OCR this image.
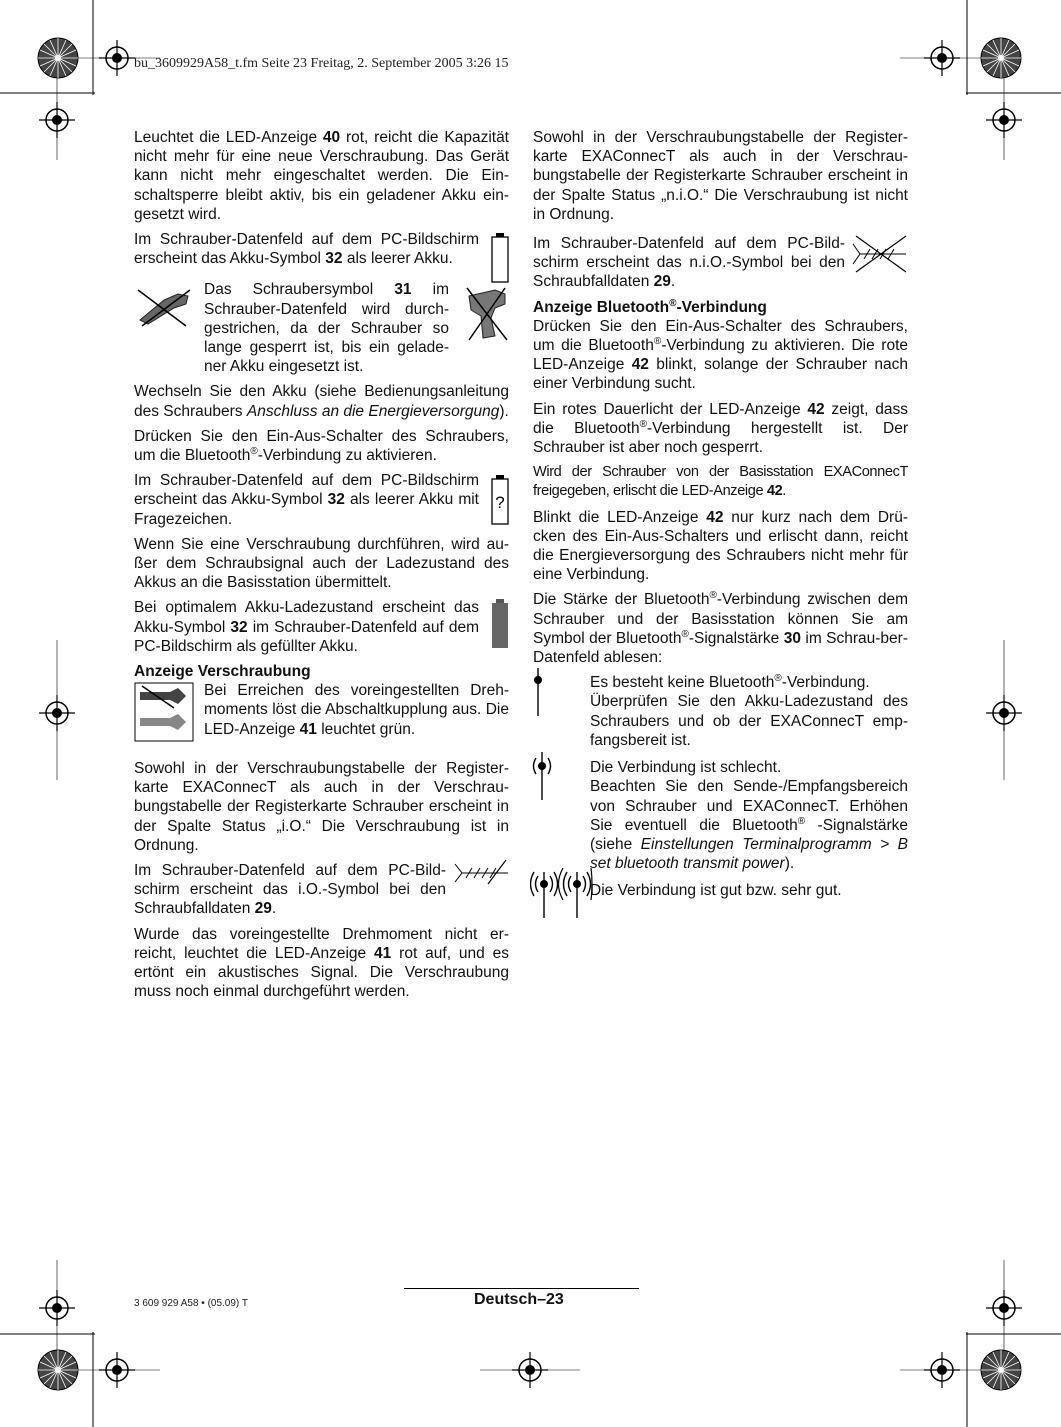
bu_3609929A58_t.fm Seite 23 Freitag, 2. September 2005 3:26 15

Leuchtet die LED-Anzeige 40 rot, reicht die Kapazität nicht mehr für eine neue Verschraubung. Das Gerät kann nicht mehr eingeschaltet werden. Die Ein-schaltsperre bleibt aktiv, bis ein geladener Akku ein-gesetzt wird.

Im Schrauber-Datenfeld auf dem PC-Bildschirm erscheint das Akku-Symbol 32 als leerer Akku.

Das Schraubersymbol 31 im Schrauber-Datenfeld wird durch-gestrichen, da der Schrauber so lange gesperrt ist, bis ein gelade-ner Akku eingesetzt ist.

Wechseln Sie den Akku (siehe Bedienungsanleitung des Schraubers Anschluss an die Energieversorgung).

Drücken Sie den Ein-Aus-Schalter des Schraubers, um die Bluetooth®-Verbindung zu aktivieren.

Im Schrauber-Datenfeld auf dem PC-Bildschirm erscheint das Akku-Symbol 32 als leerer Akku mit Fragezeichen.

Wenn Sie eine Verschraubung durchführen, wird au-ßer dem Schraubsignal auch der Ladezustand des Akkus an die Basisstation übermittelt.

Bei optimalem Akku-Ladezustand erscheint das Akku-Symbol 32 im Schrauber-Datenfeld auf dem PC-Bildschirm als gefüllter Akku.

Anzeige Verschraubung

Bei Erreichen des voreingestellten Dreh-moments löst die Abschaltkupplung aus. Die LED-Anzeige 41 leuchtet grün.

Sowohl in der Verschraubungstabelle der Register-karte EXAConnecT als auch in der Verschrau-bungstabelle der Registerkarte Schrauber erscheint in der Spalte Status „i.O.“ Die Verschraubung ist in Ordnung.

Im Schrauber-Datenfeld auf dem PC-Bild-schirm erscheint das i.O.-Symbol bei den Schraubfalldaten 29.

Wurde das voreingestellte Drehmoment nicht er-reicht, leuchtet die LED-Anzeige 41 rot auf, und es ertönt ein akustisches Signal. Die Verschraubung muss noch einmal durchgeführt werden.

?

Sowohl in der Verschraubungstabelle der Register-karte EXAConnecT als auch in der Verschrau-bungstabelle der Registerkarte Schrauber erscheint in der Spalte Status „n.i.O.“ Die Verschraubung ist nicht in Ordnung.

Im Schrauber-Datenfeld auf dem PC-Bild-schirm erscheint das n.i.O.-Symbol bei den Schraubfalldaten 29.

Anzeige Bluetooth®-Verbindung

Drücken Sie den Ein-Aus-Schalter des Schraubers, um die Bluetooth®-Verbindung zu aktivieren. Die rote LED-Anzeige 42 blinkt, solange der Schrauber nach einer Verbindung sucht.

Ein rotes Dauerlicht der LED-Anzeige 42 zeigt, dass die Bluetooth®-Verbindung hergestellt ist. Der Schrauber ist aber noch gesperrt.

Wird der Schrauber von der Basisstation EXAConnecT freigegeben, erlischt die LED-Anzeige 42.

Blinkt die LED-Anzeige 42 nur kurz nach dem Drü-cken des Ein-Aus-Schalters und erlischt dann, reicht die Energieversorgung des Schraubers nicht mehr für eine Verbindung.

Die Stärke der Bluetooth®-Verbindung zwischen dem Schrauber und der Basisstation können Sie am Symbol der Bluetooth®-Signalstärke 30 im Schrau-ber-Datenfeld ablesen:

Es besteht keine Bluetooth®-Verbindung.
Überprüfen Sie den Akku-Ladezustand des Schraubers und ob der EXAConnecT emp-fangsbereit ist.

Die Verbindung ist schlecht.
Beachten Sie den Sende-/Empfangsbereich von Schrauber und EXAConnecT. Erhöhen Sie eventuell die Bluetooth® -Signalstärke (siehe Einstellungen Terminalprogramm > B set bluetooth transmit power).

Die Verbindung ist gut bzw. sehr gut.

3 609 929 A58 • (05.09) T	Deutsch–23
